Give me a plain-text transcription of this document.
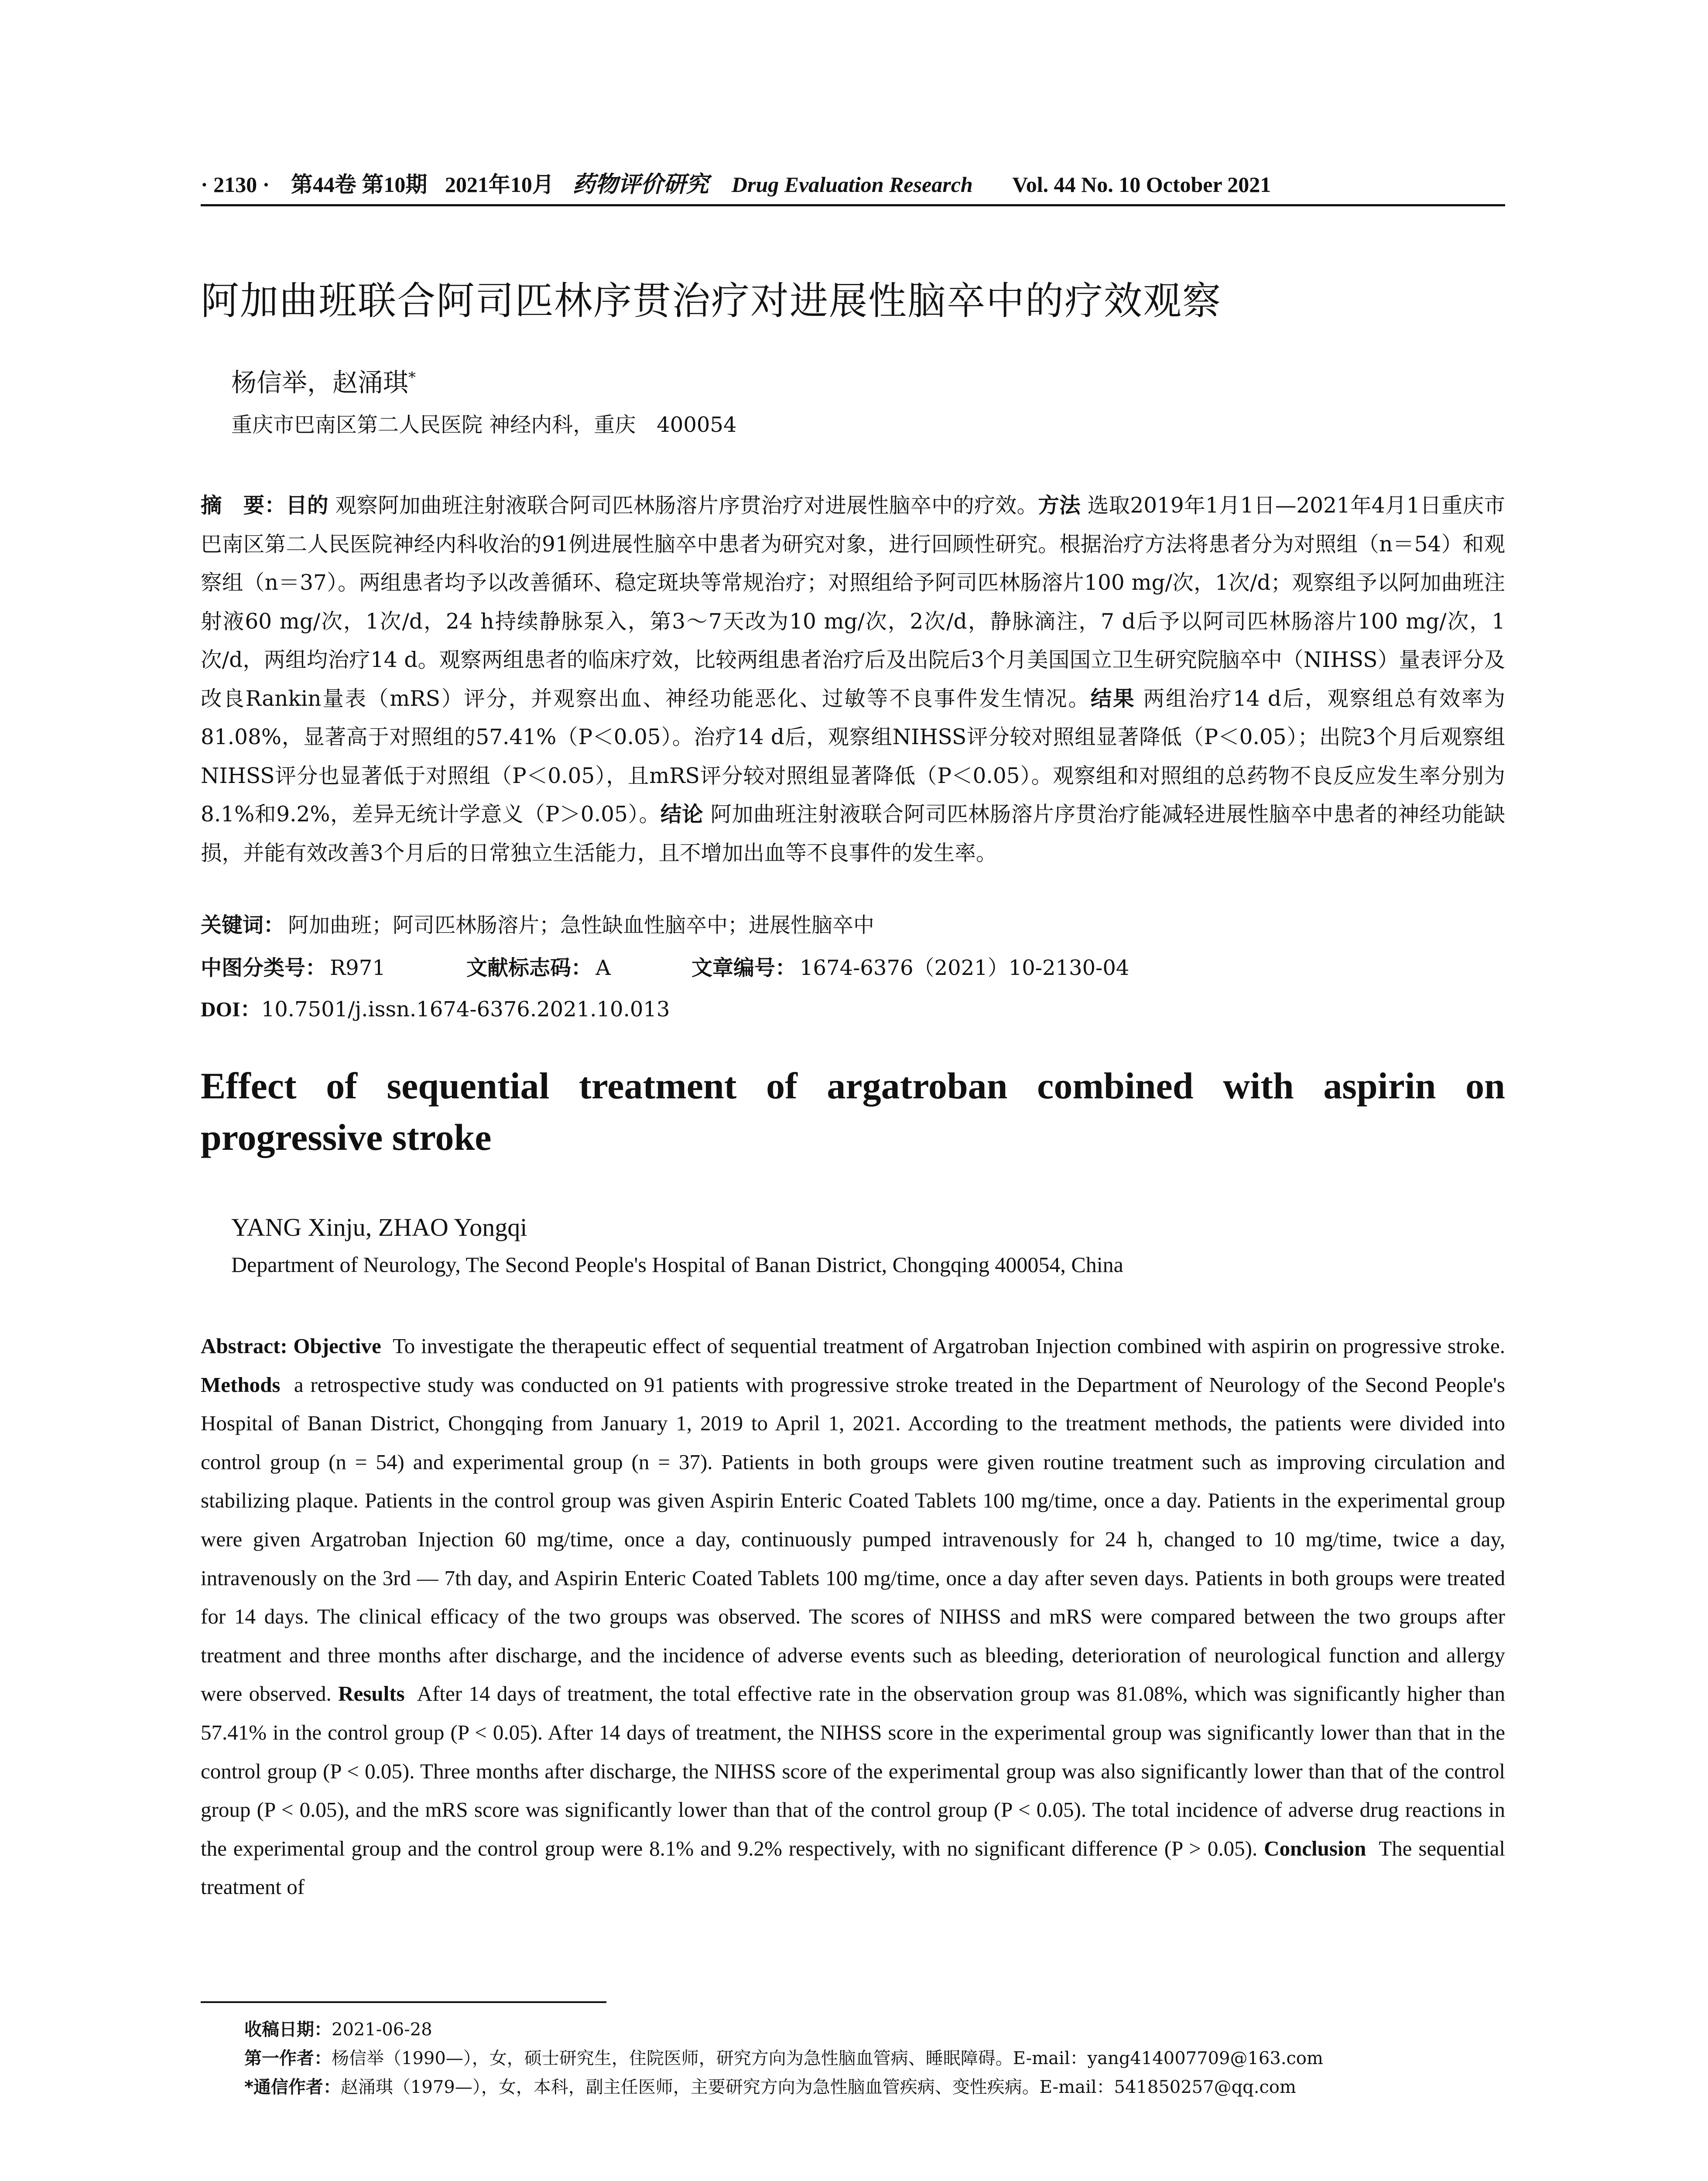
· 2130 · 第44卷 第10期 2021年10月 药物评价研究 Drug Evaluation Research Vol. 44 No. 10 October 2021
阿加曲班联合阿司匹林序贯治疗对进展性脑卒中的疗效观察
杨信举，赵涌琪*
重庆市巴南区第二人民医院 神经内科，重庆　400054
摘　要：目的 观察阿加曲班注射液联合阿司匹林肠溶片序贯治疗对进展性脑卒中的疗效。方法 选取2019年1月1日—2021年4月1日重庆市巴南区第二人民医院神经内科收治的91例进展性脑卒中患者为研究对象，进行回顾性研究。根据治疗方法将患者分为对照组（n＝54）和观察组（n＝37）。两组患者均予以改善循环、稳定斑块等常规治疗；对照组给予阿司匹林肠溶片100 mg/次，1次/d；观察组予以阿加曲班注射液60 mg/次，1次/d，24 h持续静脉泵入，第3～7天改为10 mg/次，2次/d，静脉滴注，7 d后予以阿司匹林肠溶片100 mg/次，1次/d，两组均治疗14 d。观察两组患者的临床疗效，比较两组患者治疗后及出院后3个月美国国立卫生研究院脑卒中（NIHSS）量表评分及改良Rankin量表（mRS）评分，并观察出血、神经功能恶化、过敏等不良事件发生情况。结果 两组治疗14 d后，观察组总有效率为81.08%，显著高于对照组的57.41%（P＜0.05）。治疗14 d后，观察组NIHSS评分较对照组显著降低（P＜0.05）；出院3个月后观察组NIHSS评分也显著低于对照组（P＜0.05），且mRS评分较对照组显著降低（P＜0.05）。观察组和对照组的总药物不良反应发生率分别为8.1%和9.2%，差异无统计学意义（P＞0.05）。结论 阿加曲班注射液联合阿司匹林肠溶片序贯治疗能减轻进展性脑卒中患者的神经功能缺损，并能有效改善3个月后的日常独立生活能力，且不增加出血等不良事件的发生率。
关键词： 阿加曲班；阿司匹林肠溶片；急性缺血性脑卒中；进展性脑卒中
中图分类号： R971	文献标志码： A	文章编号： 1674-6376（2021）10-2130-04
DOI：10.7501/j.issn.1674-6376.2021.10.013
Effect of sequential treatment of argatroban combined with aspirin on progressive stroke
YANG Xinju, ZHAO Yongqi
Department of Neurology, The Second People's Hospital of Banan District, Chongqing 400054, China
Abstract: Objective To investigate the therapeutic effect of sequential treatment of Argatroban Injection combined with aspirin on progressive stroke. Methods a retrospective study was conducted on 91 patients with progressive stroke treated in the Department of Neurology of the Second People's Hospital of Banan District, Chongqing from January 1, 2019 to April 1, 2021. According to the treatment methods, the patients were divided into control group (n = 54) and experimental group (n = 37). Patients in both groups were given routine treatment such as improving circulation and stabilizing plaque. Patients in the control group was given Aspirin Enteric Coated Tablets 100 mg/time, once a day. Patients in the experimental group were given Argatroban Injection 60 mg/time, once a day, continuously pumped intravenously for 24 h, changed to 10 mg/time, twice a day, intravenously on the 3rd — 7th day, and Aspirin Enteric Coated Tablets 100 mg/time, once a day after seven days. Patients in both groups were treated for 14 days. The clinical efficacy of the two groups was observed. The scores of NIHSS and mRS were compared between the two groups after treatment and three months after discharge, and the incidence of adverse events such as bleeding, deterioration of neurological function and allergy were observed. Results After 14 days of treatment, the total effective rate in the observation group was 81.08%, which was significantly higher than 57.41% in the control group (P < 0.05). After 14 days of treatment, the NIHSS score in the experimental group was significantly lower than that in the control group (P < 0.05). Three months after discharge, the NIHSS score of the experimental group was also significantly lower than that of the control group (P < 0.05), and the mRS score was significantly lower than that of the control group (P < 0.05). The total incidence of adverse drug reactions in the experimental group and the control group were 8.1% and 9.2% respectively, with no significant difference (P > 0.05). Conclusion The sequential treatment of
收稿日期：2021-06-28
第一作者：杨信举（1990—），女，硕士研究生，住院医师，研究方向为急性脑血管病、睡眠障碍。E-mail：yang414007709@163.com
*通信作者：赵涌琪（1979—），女，本科，副主任医师，主要研究方向为急性脑血管疾病、变性疾病。E-mail：541850257@qq.com
